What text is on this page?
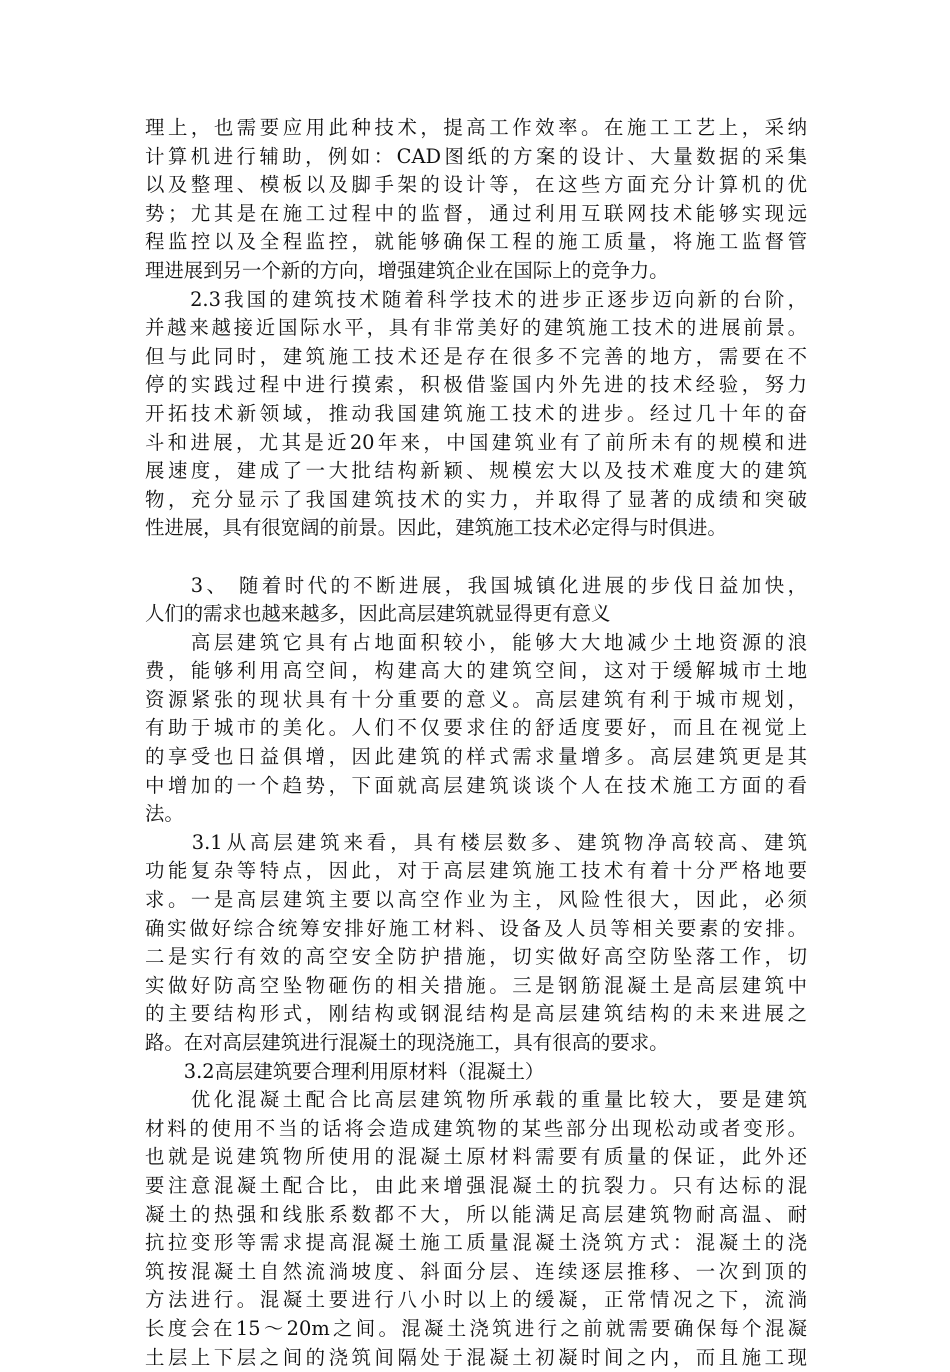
理上，也需要应用此种技术，提高工作效率。在施工工艺上，采纳
计算机进行辅助，例如：CAD图纸的方案的设计、大量数据的采集
以及整理、模板以及脚手架的设计等，在这些方面充分计算机的优
势；尤其是在施工过程中的监督，通过利用互联网技术能够实现远
程监控以及全程监控，就能够确保工程的施工质量，将施工监督管
理进展到另一个新的方向，增强建筑企业在国际上的竞争力。
　　2.3我国的建筑技术随着科学技术的进步正逐步迈向新的台阶，
并越来越接近国际水平，具有非常美好的建筑施工技术的进展前景。
但与此同时，建筑施工技术还是存在很多不完善的地方，需要在不
停的实践过程中进行摸索，积极借鉴国内外先进的技术经验，努力
开拓技术新领域，推动我国建筑施工技术的进步。经过几十年的奋
斗和进展，尤其是近20年来，中国建筑业有了前所未有的规模和进
展速度，建成了一大批结构新颖、规模宏大以及技术难度大的建筑
物，充分显示了我国建筑技术的实力，并取得了显著的成绩和突破
性进展，具有很宽阔的前景。因此，建筑施工技术必定得与时俱进。
　　3、 随着时代的不断进展，我国城镇化进展的步伐日益加快，
人们的需求也越来越多，因此高层建筑就显得更有意义
　　高层建筑它具有占地面积较小，能够大大地减少土地资源的浪
费，能够利用高空间，构建高大的建筑空间，这对于缓解城市土地
资源紧张的现状具有十分重要的意义。高层建筑有利于城市规划，
有助于城市的美化。人们不仅要求住的舒适度要好，而且在视觉上
的享受也日益俱增，因此建筑的样式需求量增多。高层建筑更是其
中增加的一个趋势，下面就高层建筑谈谈个人在技术施工方面的看
法。
　　3.1从高层建筑来看，具有楼层数多、建筑物净高较高、建筑
功能复杂等特点，因此，对于高层建筑施工技术有着十分严格地要
求。一是高层建筑主要以高空作业为主，风险性很大，因此，必须
确实做好综合统筹安排好施工材料、设备及人员等相关要素的安排。
二是实行有效的高空安全防护措施，切实做好高空防坠落工作，切
实做好防高空坠物砸伤的相关措施。三是钢筋混凝土是高层建筑中
的主要结构形式，刚结构或钢混结构是高层建筑结构的未来进展之
路。在对高层建筑进行混凝土的现浇施工，具有很高的要求。
　　3.2高层建筑要合理利用原材料（混凝土）
　　优化混凝土配合比高层建筑物所承载的重量比较大，要是建筑
材料的使用不当的话将会造成建筑物的某些部分出现松动或者变形。
也就是说建筑物所使用的混凝土原材料需要有质量的保证，此外还
要注意混凝土配合比，由此来增强混凝土的抗裂力。只有达标的混
凝土的热强和线胀系数都不大，所以能满足高层建筑物耐高温、耐
抗拉变形等需求提高混凝土施工质量混凝土浇筑方式：混凝土的浇
筑按混凝土自然流淌坡度、斜面分层、连续逐层推移、一次到顶的
方法进行。混凝土要进行八小时以上的缓凝，正常情况之下，流淌
长度会在15～20m之间。混凝土浇筑进行之前就需要确保每个混凝
土层上下层之间的浇筑间隔处于混凝土初凝时间之内，而且施工现
